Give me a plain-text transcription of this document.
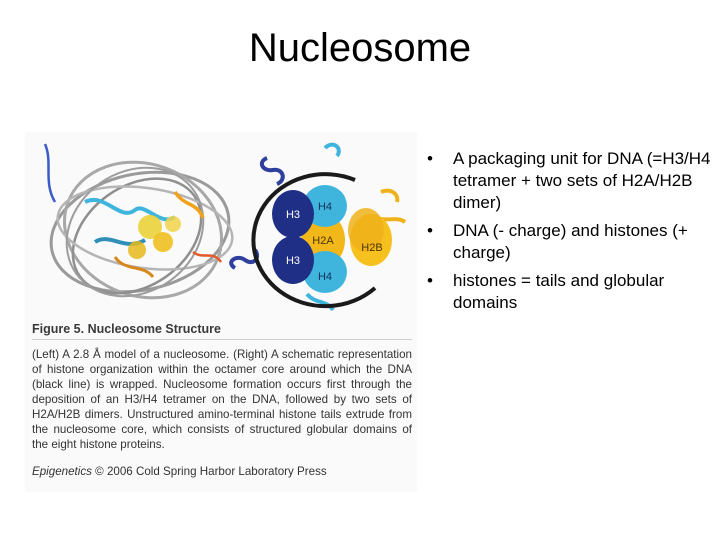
Nucleosome
H3
H3
H4
H4
H2A
H2B
Figure 5. Nucleosome Structure
(Left) A 2.8 Å model of a nucleosome. (Right) A schematic representation of histone organization within the octamer core around which the DNA (black line) is wrapped. Nucleosome formation occurs first through the deposition of an H3/H4 tetramer on the DNA, followed by two sets of H2A/H2B dimers. Unstructured amino-terminal histone tails extrude from the nucleosome core, which consists of structured globular domains of the eight histone proteins.
Epigenetics © 2006 Cold Spring Harbor Laboratory Press
• A packaging unit for DNA (=H3/H4 tetramer + two sets of H2A/H2B dimer)
• DNA (- charge) and histones (+ charge)
• histones = tails and globular domains
